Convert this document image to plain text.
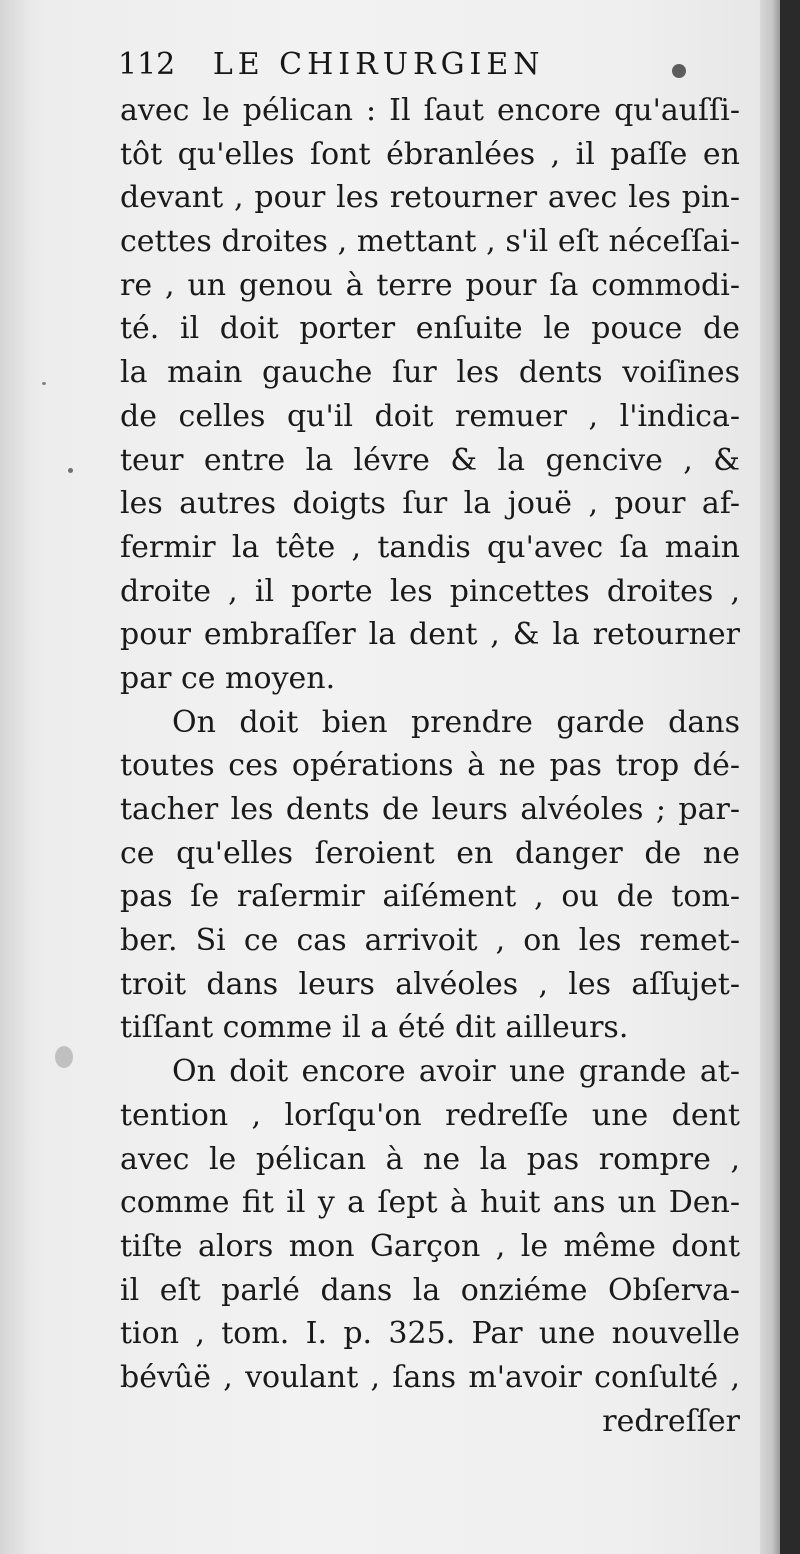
112 LE CHIRURGIEN
avec le pélican : Il ſaut encore qu'auſſi-
tôt qu'elles ſont ébranlées , il paſſe en
devant , pour les retourner avec les pin-
cettes droites , mettant , s'il eſt néceſſai-
re , un genou à terre pour ſa commodi-
té. il doit porter enſuite le pouce de
la main gauche ſur les dents voiſines
de celles qu'il doit remuer , l'indica-
teur entre la lévre & la gencive , &
les autres doigts ſur la jouë , pour af-
fermir la tête , tandis qu'avec ſa main
droite , il porte les pincettes droites ,
pour embraſſer la dent , & la retourner
par ce moyen.
On doit bien prendre garde dans
toutes ces opérations à ne pas trop dé-
tacher les dents de leurs alvéoles ; par-
ce qu'elles ſeroient en danger de ne
pas ſe raſermir aiſément , ou de tom-
ber. Si ce cas arrivoit , on les remet-
troit dans leurs alvéoles , les aſſujet-
tiſſant comme il a été dit ailleurs.
On doit encore avoir une grande at-
tention , lorſqu'on redreſſe une dent
avec le pélican à ne la pas rompre ,
comme fit il y a ſept à huit ans un Den-
tiſte alors mon Garçon , le même dont
il eſt parlé dans la onziéme Obſerva-
tion , tom. I. p. 325. Par une nouvelle
bévûë , voulant , ſans m'avoir conſulté ,
redreſſer
